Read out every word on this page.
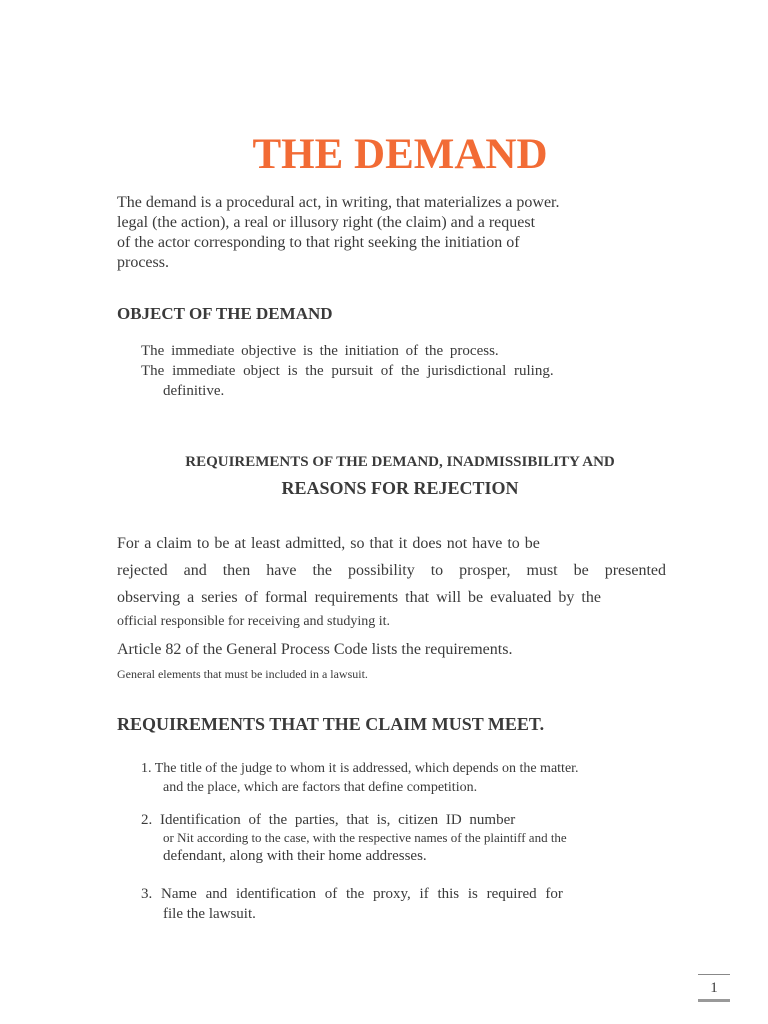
THE DEMAND
The demand is a procedural act, in writing, that materializes a power.
legal (the action), a real or illusory right (the claim) and a request
of the actor corresponding to that right seeking the initiation of
process.
OBJECT OF THE DEMAND
The immediate objective is the initiation of the process.
The immediate object is the pursuit of the jurisdictional ruling.
definitive.
REQUIREMENTS OF THE DEMAND, INADMISSIBILITY AND
REASONS FOR REJECTION
For a claim to be at least admitted, so that it does not have to be
rejected and then have the possibility to prosper, must be presented
observing a series of formal requirements that will be evaluated by the
official responsible for receiving and studying it.
Article 82 of the General Process Code lists the requirements.
General elements that must be included in a lawsuit.
REQUIREMENTS THAT THE CLAIM MUST MEET.
1. The title of the judge to whom it is addressed, which depends on the matter.
and the place, which are factors that define competition.
2. Identification of the parties, that is, citizen ID number
or Nit according to the case, with the respective names of the plaintiff and the
defendant, along with their home addresses.
3. Name and identification of the proxy, if this is required for
file the lawsuit.
1
